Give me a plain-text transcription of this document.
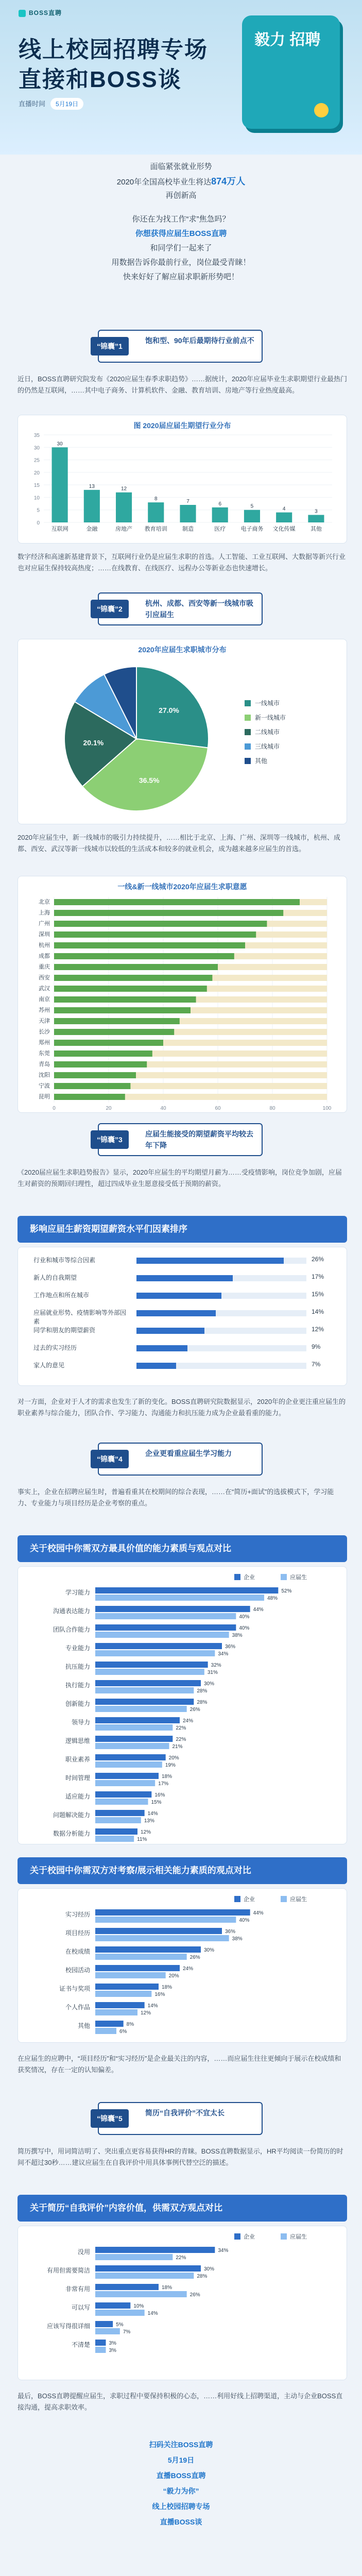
BOSS直聘
线上校园招聘专场
直接和BOSS谈
直播时间 5月19日
毅力 招聘
面临紧张就业形势
2020年全国高校毕业生将达874万人
再创新高
你还在为找工作“求”焦急吗？
你想获得应届生BOSS直聘
和同学们一起来了
用数据告诉你最前行业，岗位最受青睐！
快来好好了解应届求职新形势吧！
“锦囊”1
饱和型、90年后最期待行业前点不
近日，BOSS直聘研究院发布《2020应届生春季求职趋势》……据统计，2020年应届毕业生求职期望行业最热门的仍然是互联网，……其中电子商务、计算机软件、金融、教育培训、房地产等行业热度最高。
图 2020届应届生期望行业分布
0
5
10
15
20
25
30
35
30
互联网
13
金融
12
房地产
8
教育培训
7
制造
6
医疗
5
电子商务
4
文化传媒
3
其他
数字经济和高速新基建背景下，互联网行业仍是应届生求职的首选。人工智能、工业互联网、大数据等新兴行业也对应届生保持较高热度；……在线教育、在线医疗、远程办公等新业态也快速增长。
“锦囊”2
杭州、成都、西安等新一线城市吸引应届生
2020年应届生求职城市分布
27.0%
36.5%
20.1%
一线城市
新一线城市
二线城市
三线城市
其他
2020年应届生中，新一线城市的吸引力持续提升，……相比于北京、上海、广州、深圳等一线城市，杭州、成都、西安、武汉等新一线城市以较低的生活成本和较多的就业机会，成为越来越多应届生的首选。
一线&新一线城市2020年应届生求职意愿
0	20	40	60	80	100
北京
上海
广州
深圳
杭州
成都
重庆
西安
武汉
南京
苏州
天津
长沙
郑州
东莞
青岛
沈阳
宁波
昆明
“锦囊”3
应届生能接受的期望薪资平均较去年下降
《2020届应届生求职趋势报告》显示，2020年应届生的平均期望月薪为……受疫情影响，岗位竞争加剧，应届生对薪资的预期回归理性，超过四成毕业生愿意接受低于预期的薪资。
影响应届生薪资期望薪资水平们因素排序
行业和城市等综合因素	26%
新人的自我期望	17%
工作地点和所在城市	15%
应届就业形势、疫情影响等外部因素
14%
同学和朋友的期望薪资	12%
过去的实习经历	9%
家人的意见	7%
对一方面，企业对于人才的需求也发生了新的变化。BOSS直聘研究院数据显示，2020年的企业更注重应届生的职业素养与综合能力，团队合作、学习能力、沟通能力和抗压能力成为企业最看重的能力。
“锦囊”4
企业更看重应届生学习能力
事实上，企业在招聘应届生时，普遍看重其在校期间的综合表现，……在“简历+面试”的选拔模式下，学习能力、专业能力与项目经历是企业考察的重点。
关于校园中你需双方最具价值的能力素质与观点对比
企业	应届生
学习能力	52%
48%
沟通表达能力	44%
40%
团队合作能力	40%
38%
专业能力	36%
34%
抗压能力	32%
31%
执行能力	30%
28%
创新能力	28%
26%
领导力	24%
22%
逻辑思维	22%
21%
职业素养	20%
19%
时间管理	18%
17%
适应能力	16%
15%
问题解决能力	14%
13%
数据分析能力	12%
11%
关于校园中你需双方对考察/展示相关能力素质的观点对比
企业	应届生
实习经历	44%
40%
项目经历	36%
38%
在校成绩	30%
26%
校园活动	24%
20%
证书与奖项	18%
16%
个人作品	14%
12%
其他	8%
6%
在应届生的应聘中，“项目经历”和“实习经历”是企业最关注的内容，……而应届生往往更倾向于展示在校成绩和获奖情况，存在一定的认知偏差。
“锦囊”5
简历“自我评价”不宜太长
简历撰写中，用词简洁明了、突出重点更容易获得HR的青睐。BOSS直聘数据显示，HR平均阅读一份简历的时间不超过30秒……建议应届生在自我评价中用具体事例代替空泛的描述。
关于简历“自我评价”内容价值，供需双方观点对比
企业	应届生
没用	34%
22%
有用但需要简洁	30%
28%
非常有用	18%
26%
可以写	10%
14%
应该写得很详细	5%
7%
不清楚	3%
3%
最后，BOSS直聘提醒应届生，求职过程中要保持积极的心态，……利用好线上招聘渠道，主动与企业BOSS直接沟通，提高求职效率。
扫码关注BOSS直聘
5月19日
直播BOSS直聘
“毅力为你”
线上校园招聘专场
直播BOSS谈
